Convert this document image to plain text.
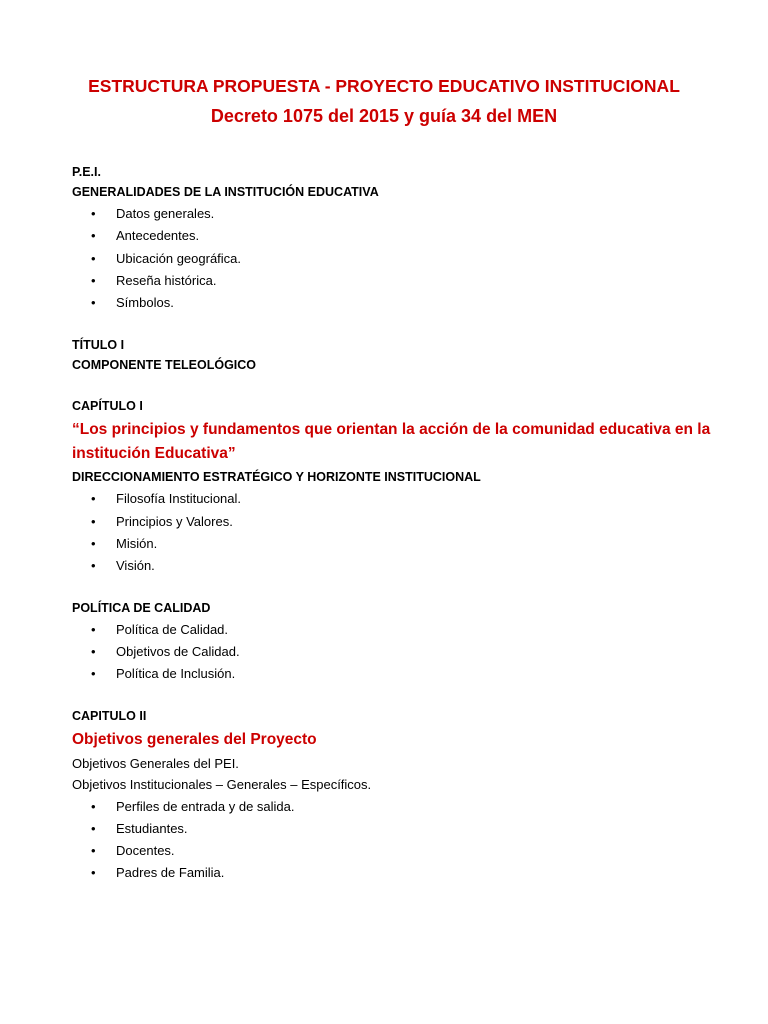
ESTRUCTURA PROPUESTA - PROYECTO EDUCATIVO INSTITUCIONAL
Decreto 1075 del 2015 y guía 34 del MEN

P.E.I.

GENERALIDADES DE LA INSTITUCIÓN EDUCATIVA

• Datos generales.
• Antecedentes.
• Ubicación geográfica.
• Reseña histórica.
• Símbolos.

TÍTULO I

COMPONENTE TELEOLÓGICO

CAPÍTULO I

“Los principios y fundamentos que orientan la acción de la comunidad educativa en la

institución Educativa”

DIRECCIONAMIENTO ESTRATÉGICO Y HORIZONTE INSTITUCIONAL

• Filosofía Institucional.
• Principios y Valores.
• Misión.
• Visión.

POLÍTICA DE CALIDAD

• Política de Calidad.
• Objetivos de Calidad.
• Política de Inclusión.

CAPITULO II

Objetivos generales del Proyecto

Objetivos Generales del PEI.

Objetivos Institucionales – Generales – Específicos.

• Perfiles de entrada y de salida.
• Estudiantes.
• Docentes.
• Padres de Familia.
